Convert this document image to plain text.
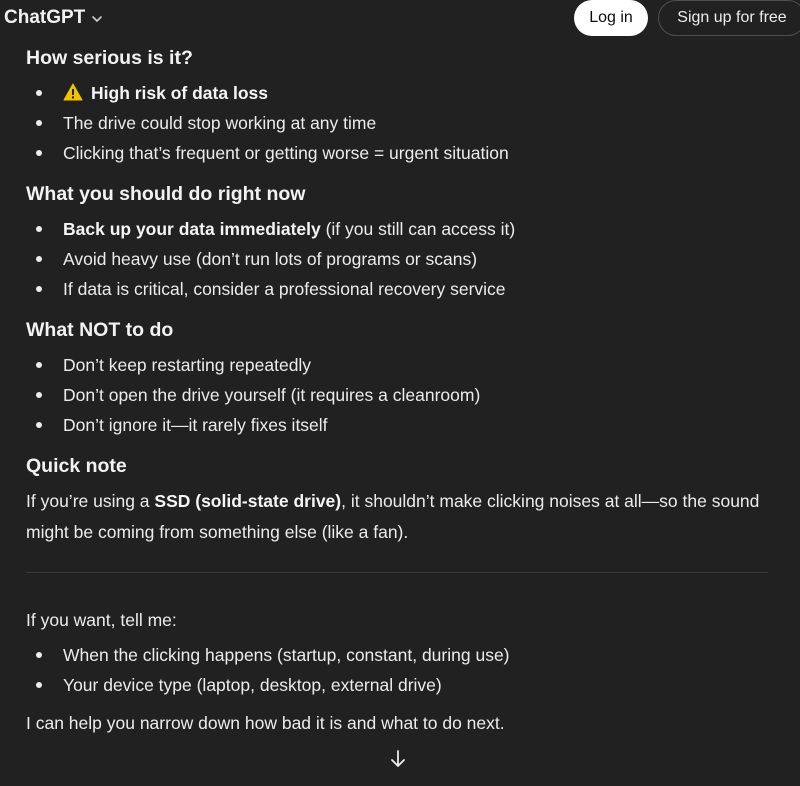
ChatGPT	Log in	Sign up for free
How serious is it?
High risk of data loss
The drive could stop working at any time
Clicking that’s frequent or getting worse = urgent situation
What you should do right now
Back up your data immediately (if you still can access it)
Avoid heavy use (don’t run lots of programs or scans)
If data is critical, consider a professional recovery service
What NOT to do
Don’t keep restarting repeatedly
Don’t open the drive yourself (it requires a cleanroom)
Don’t ignore it—it rarely fixes itself
Quick note

If you’re using a SSD (solid-state drive), it shouldn’t make clicking noises at all—so the sound might be coming from something else (like a fan).

If you want, tell me:

When the clicking happens (startup, constant, during use)
Your device type (laptop, desktop, external drive)

I can help you narrow down how bad it is and what to do next.
